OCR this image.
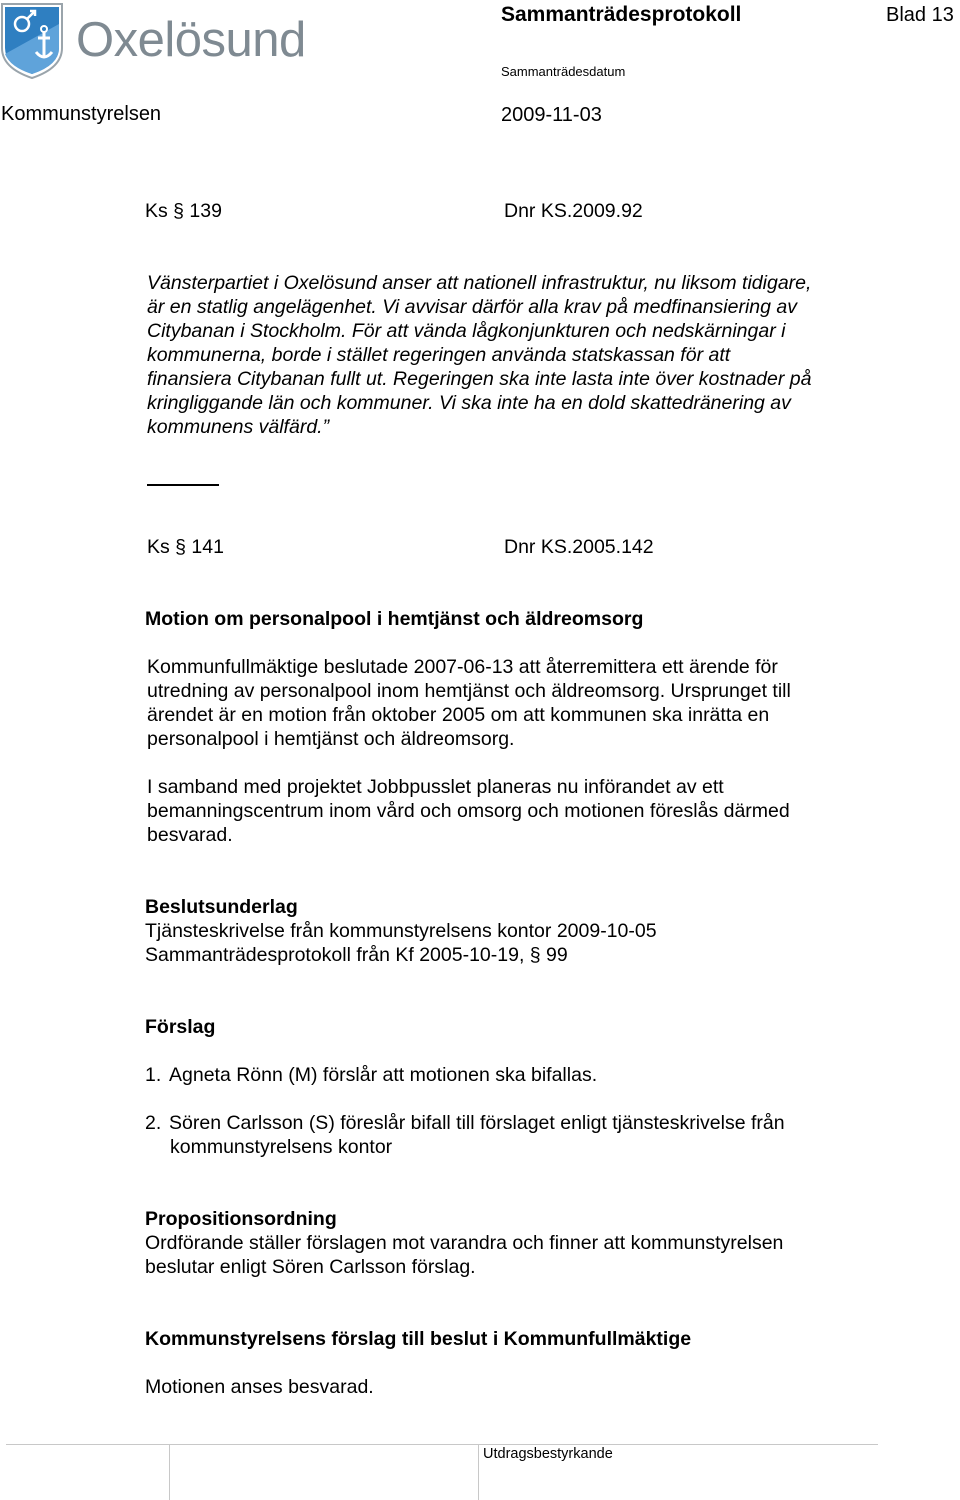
Oxelösund	Sammanträdesprotokoll	Blad 13
Sammanträdesdatum
Kommunstyrelsen	2009-11-03
Ks § 139	Dnr KS.2009.92
Vänsterpartiet i Oxelösund anser att nationell infrastruktur, nu liksom tidigare,
är en statlig angelägenhet. Vi avvisar därför alla krav på medfinansiering av
Citybanan i Stockholm. För att vända lågkonjunkturen och nedskärningar i
kommunerna, borde i stället regeringen använda statskassan för att
finansiera Citybanan fullt ut. Regeringen ska inte lasta inte över kostnader på
kringliggande län och kommuner. Vi ska inte ha en dold skattedränering av
kommunens välfärd.”
Ks § 141	Dnr KS.2005.142
Motion om personalpool i hemtjänst och äldreomsorg
Kommunfullmäktige beslutade 2007-06-13 att återremittera ett ärende för
utredning av personalpool inom hemtjänst och äldreomsorg. Ursprunget till
ärendet är en motion från oktober 2005 om att kommunen ska inrätta en
personalpool i hemtjänst och äldreomsorg.
I samband med projektet Jobbpusslet planeras nu införandet av ett
bemanningscentrum inom vård och omsorg och motionen föreslås därmed
besvarad.
Beslutsunderlag
Tjänsteskrivelse från kommunstyrelsens kontor 2009-10-05
Sammanträdesprotokoll från Kf 2005-10-19, § 99
Förslag
1. Agneta Rönn (M) förslår att motionen ska bifallas.
2. Sören Carlsson (S) föreslår bifall till förslaget enligt tjänsteskrivelse från
kommunstyrelsens kontor
Propositionsordning
Ordförande ställer förslagen mot varandra och finner att kommunstyrelsen
beslutar enligt Sören Carlsson förslag.
Kommunstyrelsens förslag till beslut i Kommunfullmäktige
Motionen anses besvarad.
Utdragsbestyrkande
